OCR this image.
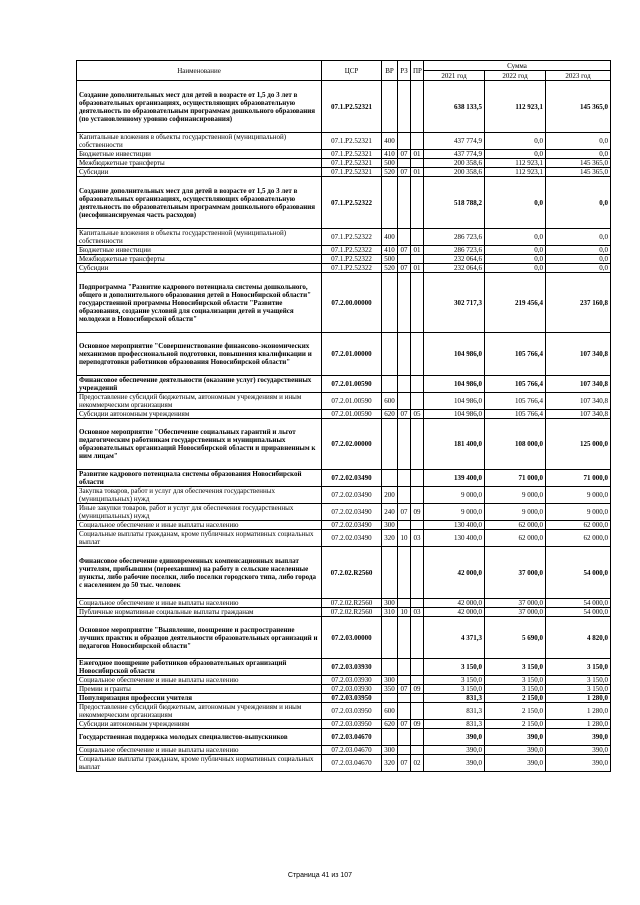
Наименование	ЦСР	ВР	РЗ	ПР	Сумма		
					2021 год	2022 год	2023 год
Создание дополнительных мест для детей в возрасте от 1,5 до 3 лет в образовательных организациях, осуществляющих образовательную деятельность по образовательным программам дошкольного образования (по установленному уровню софинансирования)	07.1.P2.52321				638 133,5	112 923,1	145 365,0
Капитальные вложения в объекты государственной (муниципальной) собственности	07.1.P2.52321	400			437 774,9	0,0	0,0
Бюджетные инвестиции	07.1.P2.52321	410	07	01	437 774,9	0,0	0,0
Межбюджетные трансферты	07.1.P2.52321	500			200 358,6	112 923,1	145 365,0
Субсидии	07.1.P2.52321	520	07	01	200 358,6	112 923,1	145 365,0
Создание дополнительных мест для детей в возрасте от 1,5 до 3 лет в образовательных организациях, осуществляющих образовательную деятельность по образовательным программам дошкольного образования (несофинансируемая часть расходов)	07.1.P2.52322				518 788,2	0,0	0,0
Капитальные вложения в объекты государственной (муниципальной) собственности	07.1.P2.52322	400			286 723,6	0,0	0,0
Бюджетные инвестиции	07.1.P2.52322	410	07	01	286 723,6	0,0	0,0
Межбюджетные трансферты	07.1.P2.52322	500			232 064,6	0,0	0,0
Субсидии	07.1.P2.52322	520	07	01	232 064,6	0,0	0,0
Подпрограмма "Развитие кадрового потенциала системы дошкольного, общего и дополнительного образования детей в Новосибирской области" государственной программы Новосибирской области "Развитие образования, создание условий для социализации детей и учащейся молодежи в Новосибирской области"	07.2.00.00000				302 717,3	219 456,4	237 160,8
Основное мероприятие "Совершенствование финансово-экономических механизмов профессиональной подготовки, повышения квалификации и переподготовки работников образования Новосибирской области"	07.2.01.00000				104 986,0	105 766,4	107 340,8
Финансовое обеспечение деятельности (оказание услуг) государственных учреждений	07.2.01.00590				104 986,0	105 766,4	107 340,8
Предоставление субсидий бюджетным, автономным учреждениям и иным некоммерческим организациям	07.2.01.00590	600			104 986,0	105 766,4	107 340,8
Субсидии автономным учреждениям	07.2.01.00590	620	07	05	104 986,0	105 766,4	107 340,8
Основное мероприятие "Обеспечение социальных гарантий и льгот педагогическим работникам государственных и муниципальных образовательных организаций Новосибирской области и приравненным к ним лицам"	07.2.02.00000				181 400,0	108 000,0	125 000,0
Развитие кадрового потенциала системы образования Новосибирской области	07.2.02.03490				139 400,0	71 000,0	71 000,0
Закупка товаров, работ и услуг для обеспечения государственных (муниципальных) нужд	07.2.02.03490	200			9 000,0	9 000,0	9 000,0
Иные закупки товаров, работ и услуг для обеспечения государственных (муниципальных) нужд	07.2.02.03490	240	07	09	9 000,0	9 000,0	9 000,0
Социальное обеспечение и иные выплаты населению	07.2.02.03490	300			130 400,0	62 000,0	62 000,0
Социальные выплаты гражданам, кроме публичных нормативных социальных выплат	07.2.02.03490	320	10	03	130 400,0	62 000,0	62 000,0
Финансовое обеспечение единовременных компенсационных выплат учителям, прибывшим (переехавшим) на работу в сельские населенные пункты, либо рабочие поселки, либо поселки городского типа, либо города с населением до 50 тыс. человек	07.2.02.R2560				42 000,0	37 000,0	54 000,0
Социальное обеспечение и иные выплаты населению	07.2.02.R2560	300			42 000,0	37 000,0	54 000,0
Публичные нормативные социальные выплаты гражданам	07.2.02.R2560	310	10	03	42 000,0	37 000,0	54 000,0
Основное мероприятие "Выявление, поощрение и распространение лучших практик и образцов деятельности образовательных организаций и педагогов Новосибирской области"	07.2.03.00000				4 371,3	5 690,0	4 820,0
Ежегодное поощрение работников образовательных организаций Новосибирской области	07.2.03.03930				3 150,0	3 150,0	3 150,0
Социальное обеспечение и иные выплаты населению	07.2.03.03930	300			3 150,0	3 150,0	3 150,0
Премии и гранты	07.2.03.03930	350	07	09	3 150,0	3 150,0	3 150,0
Популяризация профессии учителя	07.2.03.03950				831,3	2 150,0	1 280,0
Предоставление субсидий бюджетным, автономным учреждениям и иным некоммерческим организациям	07.2.03.03950	600			831,3	2 150,0	1 280,0
Субсидии автономным учреждениям	07.2.03.03950	620	07	09	831,3	2 150,0	1 280,0
Государственная поддержка молодых специалистов-выпускников	07.2.03.04670				390,0	390,0	390,0
Социальное обеспечение и иные выплаты населению	07.2.03.04670	300			390,0	390,0	390,0
Социальные выплаты гражданам, кроме публичных нормативных социальных выплат	07.2.03.04670	320	07	02	390,0	390,0	390,0
Страница 41 из 107
